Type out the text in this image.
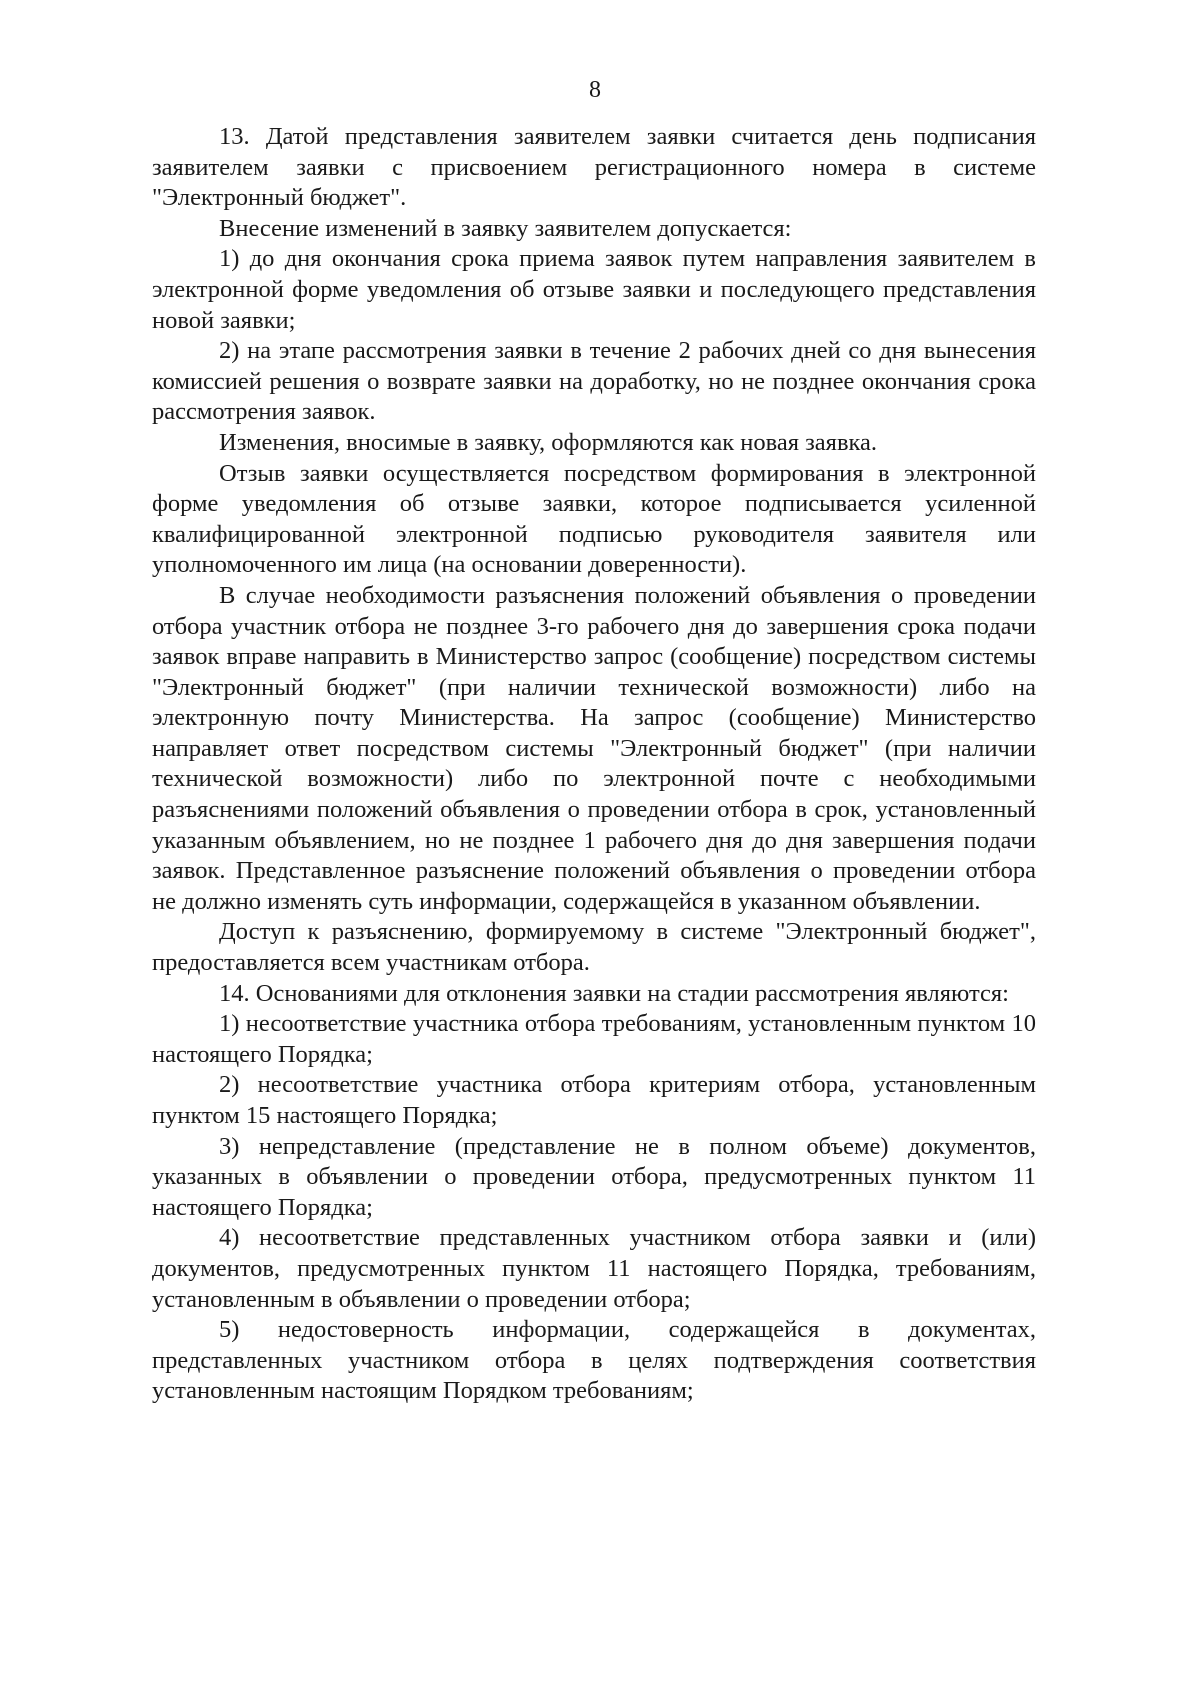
8

13. Датой представления заявителем заявки считается день подписания заявителем заявки с присвоением регистрационного номера в системе "Электронный бюджет".

Внесение изменений в заявку заявителем допускается:

1) до дня окончания срока приема заявок путем направления заявителем в электронной форме уведомления об отзыве заявки и последующего представления новой заявки;

2) на этапе рассмотрения заявки в течение 2 рабочих дней со дня вынесения комиссией решения о возврате заявки на доработку, но не позднее окончания срока рассмотрения заявок.

Изменения, вносимые в заявку, оформляются как новая заявка.

Отзыв заявки осуществляется посредством формирования в электронной форме уведомления об отзыве заявки, которое подписывается усиленной квалифицированной электронной подписью руководителя заявителя или уполномоченного им лица (на основании доверенности).

В случае необходимости разъяснения положений объявления о проведении отбора участник отбора не позднее 3-го рабочего дня до завершения срока подачи заявок вправе направить в Министерство запрос (сообщение) посредством системы "Электронный бюджет" (при наличии технической возможности) либо на электронную почту Министерства. На запрос (сообщение) Министерство направляет ответ посредством системы "Электронный бюджет" (при наличии технической возможности) либо по электронной почте с необходимыми разъяснениями положений объявления о проведении отбора в срок, установленный указанным объявлением, но не позднее 1 рабочего дня до дня завершения подачи заявок. Представленное разъяснение положений объявления о проведении отбора не должно изменять суть информации, содержащейся в указанном объявлении.

Доступ к разъяснению, формируемому в системе "Электронный бюджет", предоставляется всем участникам отбора.

14. Основаниями для отклонения заявки на стадии рассмотрения являются:

1) несоответствие участника отбора требованиям, установленным пунктом 10 настоящего Порядка;

2) несоответствие участника отбора критериям отбора, установленным пунктом 15 настоящего Порядка;

3) непредставление (представление не в полном объеме) документов, указанных в объявлении о проведении отбора, предусмотренных пунктом 11 настоящего Порядка;

4) несоответствие представленных участником отбора заявки и (или) документов, предусмотренных пунктом 11 настоящего Порядка, требованиям, установленным в объявлении о проведении отбора;

5) недостоверность информации, содержащейся в документах, представленных участником отбора в целях подтверждения соответствия установленным настоящим Порядком требованиям;
